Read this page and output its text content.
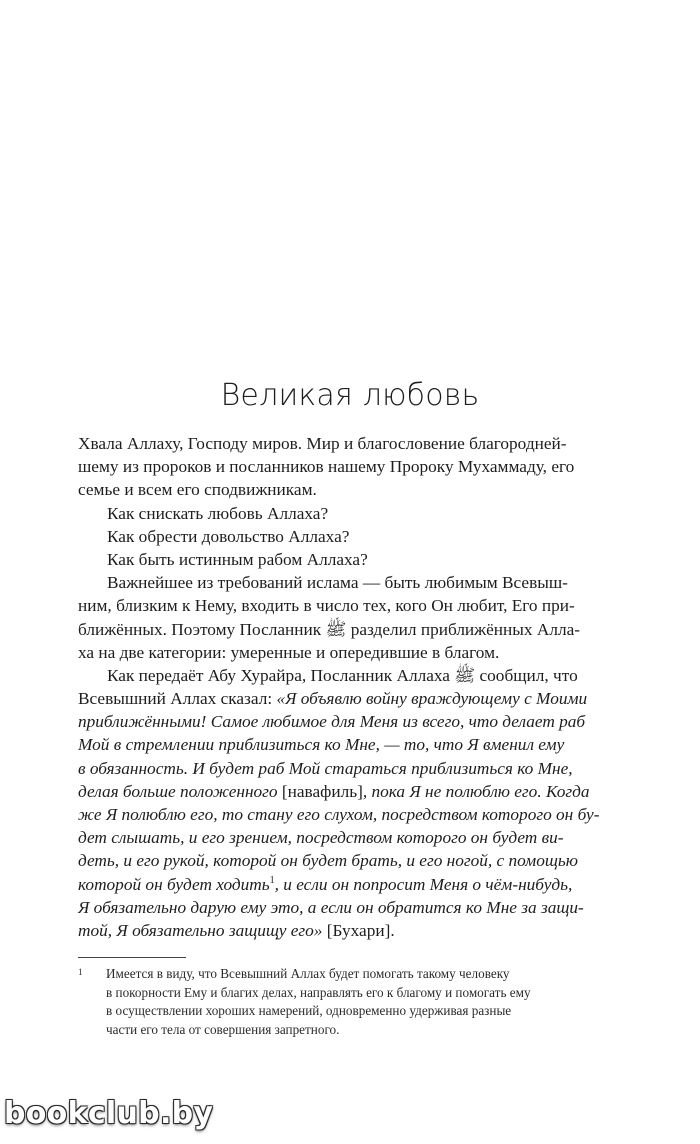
Великая любовь
Хвала Аллаху, Господу миров. Мир и благословение благородней-
шему из пророков и посланников нашему Пророку Мухаммаду, его
семье и всем его сподвижникам.
Как снискать любовь Аллаха?
Как обрести довольство Аллаха?
Как быть истинным рабом Аллаха?
Важнейшее из требований ислама — быть любимым Всевыш-
ним, близким к Нему, входить в число тех, кого Он любит, Его при-
ближённых. Поэтому Посланник ﷺ разделил приближённых Алла-
ха на две категории: умеренные и опередившие в благом.
Как передаёт Абу Хурайра, Посланник Аллаха ﷺ сообщил, что
Всевышний Аллах сказал: «Я объявлю войну враждующему с Моими
приближёнными! Самое любимое для Меня из всего, что делает раб
Мой в стремлении приблизиться ко Мне, — то, что Я вменил ему
в обязанность. И будет раб Мой стараться приблизиться ко Мне,
делая больше положенного [навафиль], пока Я не полюблю его. Когда
же Я полюблю его, то стану его слухом, посредством которого он бу-
дет слышать, и его зрением, посредством которого он будет ви-
деть, и его рукой, которой он будет брать, и его ногой, с помощью
которой он будет ходить$^1$, и если он попросит Меня о чём-нибудь,
Я обязательно дарую ему это, а если он обратится ко Мне за защи-
той, Я обязательно защищу его» [Бухари].
1 Имеется в виду, что Всевышний Аллах будет помогать такому человеку
в покорности Ему и благих делах, направлять его к благому и помогать ему
в осуществлении хороших намерений, одновременно удерживая разные
части его тела от совершения запретного.
bookclub.by
